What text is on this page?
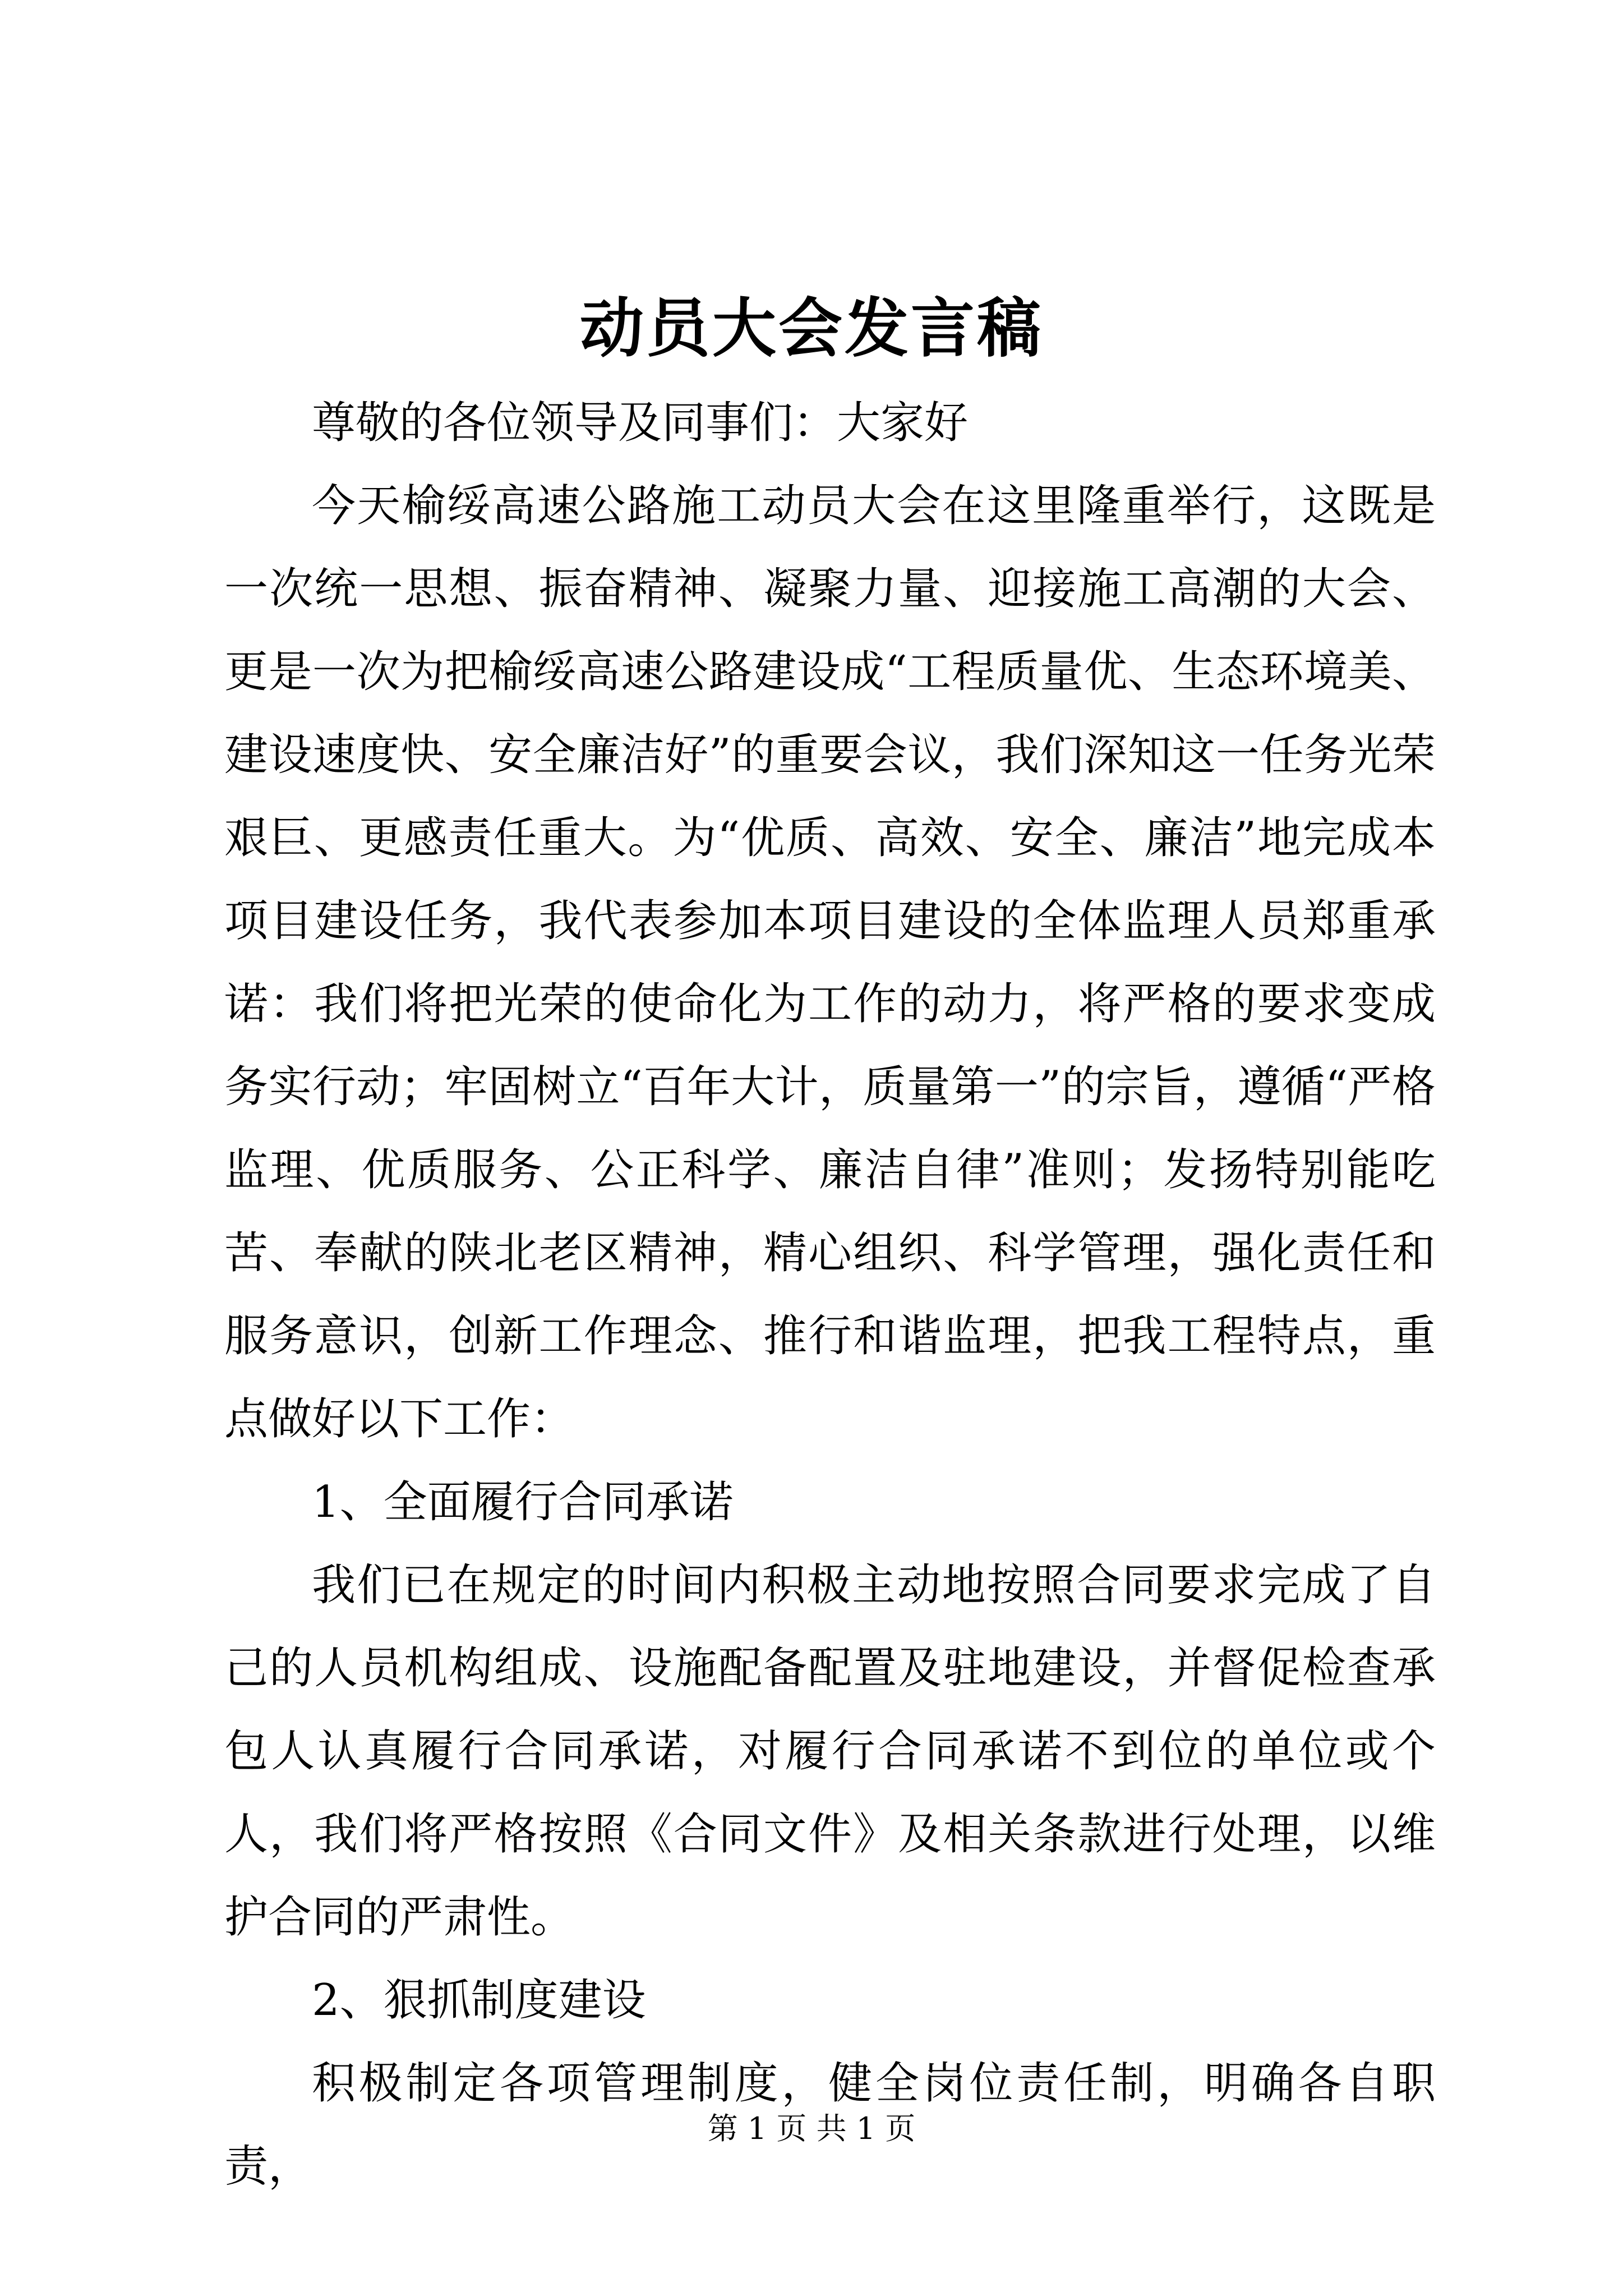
动员大会发言稿

尊敬的各位领导及同事们：大家好

今天榆绥高速公路施工动员大会在这里隆重举行，这既是一次统一思想、振奋精神、凝聚力量、迎接施工高潮的大会、更是一次为把榆绥高速公路建设成“工程质量优、生态环境美、建设速度快、安全廉洁好”的重要会议，我们深知这一任务光荣艰巨、更感责任重大。为“优质、高效、安全、廉洁”地完成本项目建设任务，我代表参加本项目建设的全体监理人员郑重承诺：我们将把光荣的使命化为工作的动力，将严格的要求变成务实行动；牢固树立“百年大计，质量第一”的宗旨，遵循“严格监理、优质服务、公正科学、廉洁自律”准则；发扬特别能吃苦、奉献的陕北老区精神，精心组织、科学管理，强化责任和服务意识，创新工作理念、推行和谐监理，把我工程特点，重点做好以下工作：

1、全面履行合同承诺

我们已在规定的时间内积极主动地按照合同要求完成了自己的人员机构组成、设施配备配置及驻地建设，并督促检查承包人认真履行合同承诺，对履行合同承诺不到位的单位或个人，我们将严格按照《合同文件》及相关条款进行处理，以维护合同的严肃性。

2、狠抓制度建设

积极制定各项管理制度，健全岗位责任制，明确各自职责，

第 1 页 共 1 页
